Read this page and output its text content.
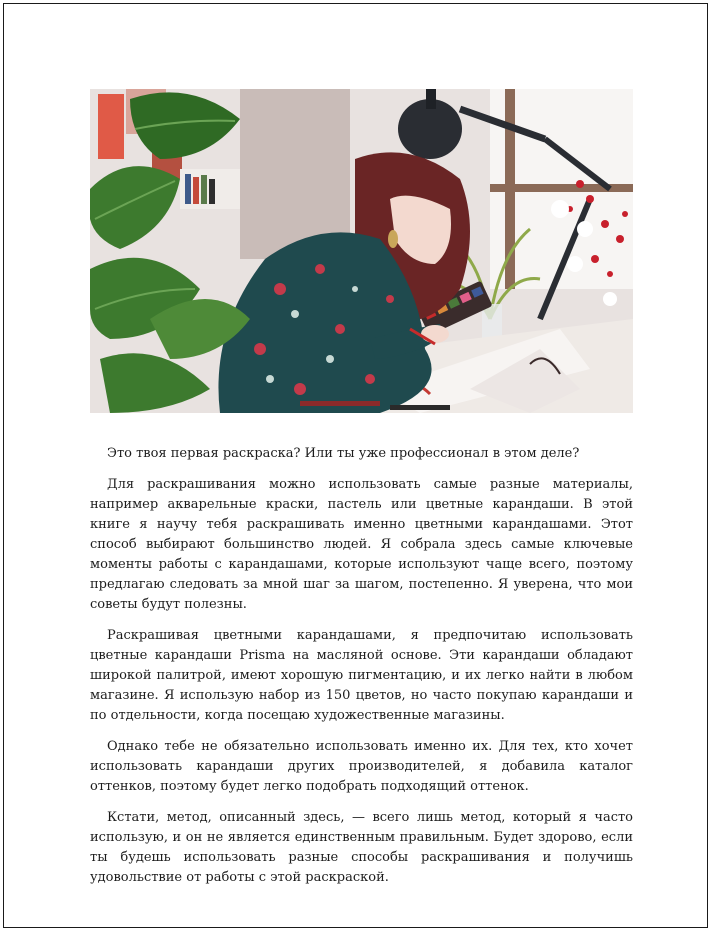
Это твоя первая раскраска? Или ты уже профессионал в этом деле?

Для раскрашивания можно использовать самые разные материалы, например акварельные краски, пастель или цветные карандаши. В этой книге я научу тебя раскрашивать именно цветными карандашами. Этот способ выбирают большинство людей. Я собрала здесь самые ключевые моменты работы с карандашами, которые используют чаще всего, поэтому предлагаю следовать за мной шаг за шагом, постепенно. Я уверена, что мои советы будут полезны.

Раскрашивая цветными карандашами, я предпочитаю использовать цветные карандаши Prisma на масляной основе. Эти карандаши обладают широкой палитрой, имеют хорошую пигментацию, и их легко найти в любом магазине. Я использую набор из 150 цветов, но часто покупаю карандаши и по отдельности, когда посещаю художественные магазины.

Однако тебе не обязательно использовать именно их. Для тех, кто хочет использовать карандаши других производителей, я добавила каталог оттенков, поэтому будет легко подобрать подходящий оттенок.

Кстати, метод, описанный здесь, — всего лишь метод, который я часто использую, и он не является единственным правильным. Будет здорово, если ты будешь использовать разные способы раскрашивания и получишь удовольствие от работы с этой раскраской.
